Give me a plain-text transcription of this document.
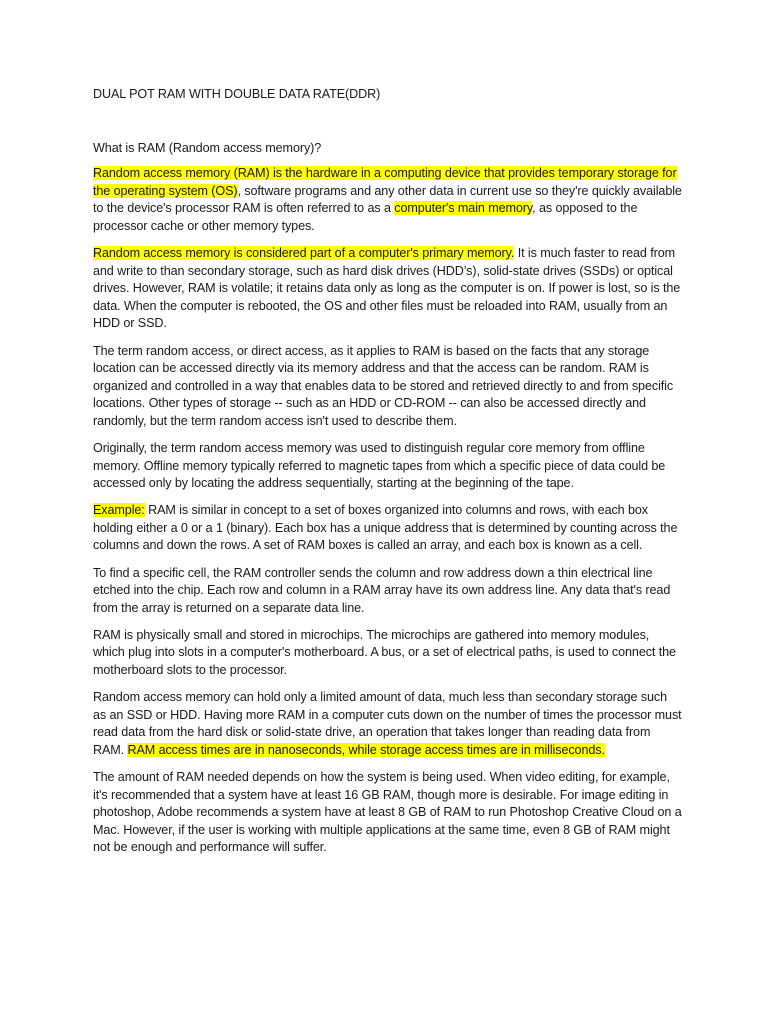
DUAL POT RAM WITH DOUBLE DATA RATE(DDR)

What is RAM (Random access memory)?

Random access memory (RAM) is the hardware in a computing device that provides temporary storage for the operating system (OS), software programs and any other data in current use so they're quickly available to the device's processor RAM is often referred to as a computer's main memory, as opposed to the processor cache or other memory types.

Random access memory is considered part of a computer's primary memory. It is much faster to read from and write to than secondary storage, such as hard disk drives (HDD’s), solid-state drives (SSDs) or optical drives. However, RAM is volatile; it retains data only as long as the computer is on. If power is lost, so is the data. When the computer is rebooted, the OS and other files must be reloaded into RAM, usually from an HDD or SSD.

The term random access, or direct access, as it applies to RAM is based on the facts that any storage location can be accessed directly via its memory address and that the access can be random. RAM is organized and controlled in a way that enables data to be stored and retrieved directly to and from specific locations. Other types of storage -- such as an HDD or CD-ROM -- can also be accessed directly and randomly, but the term random access isn't used to describe them.

Originally, the term random access memory was used to distinguish regular core memory from offline memory. Offline memory typically referred to magnetic tapes from which a specific piece of data could be accessed only by locating the address sequentially, starting at the beginning of the tape.

Example: RAM is similar in concept to a set of boxes organized into columns and rows, with each box holding either a 0 or a 1 (binary). Each box has a unique address that is determined by counting across the columns and down the rows. A set of RAM boxes is called an array, and each box is known as a cell.

To find a specific cell, the RAM controller sends the column and row address down a thin electrical line etched into the chip. Each row and column in a RAM array have its own address line. Any data that's read from the array is returned on a separate data line.

RAM is physically small and stored in microchips. The microchips are gathered into memory modules, which plug into slots in a computer's motherboard. A bus, or a set of electrical paths, is used to connect the motherboard slots to the processor.

Random access memory can hold only a limited amount of data, much less than secondary storage such as an SSD or HDD. Having more RAM in a computer cuts down on the number of times the processor must read data from the hard disk or solid-state drive, an operation that takes longer than reading data from RAM. RAM access times are in nanoseconds, while storage access times are in milliseconds.

The amount of RAM needed depends on how the system is being used. When video editing, for example, it's recommended that a system have at least 16 GB RAM, though more is desirable. For image editing in photoshop, Adobe recommends a system have at least 8 GB of RAM to run Photoshop Creative Cloud on a Mac. However, if the user is working with multiple applications at the same time, even 8 GB of RAM might not be enough and performance will suffer.
